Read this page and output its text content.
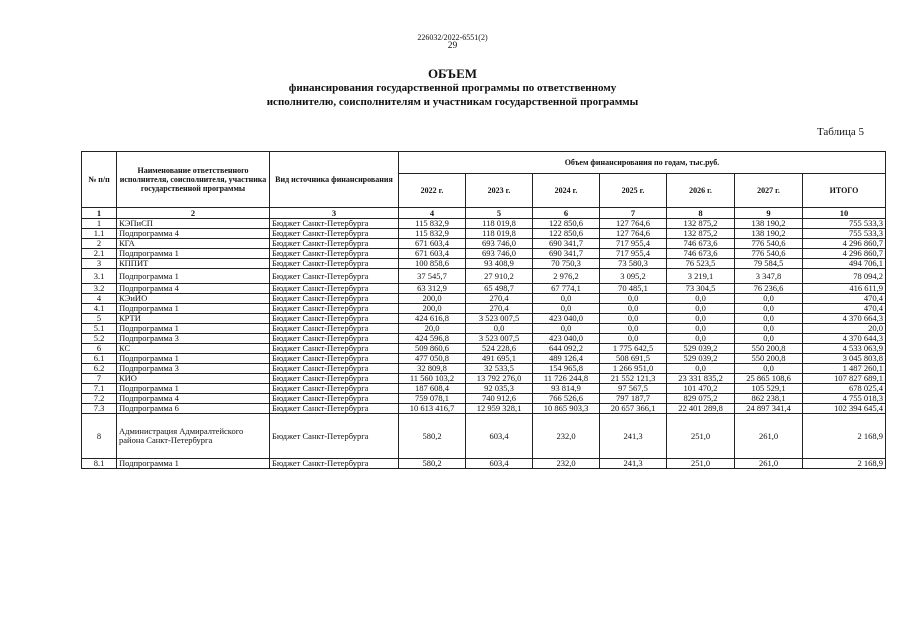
226032/2022-6551(2)
29
ОБЪЕМ
финансирования государственной программы по ответственному
исполнителю, соисполнителям и участникам государственной программы
Таблица 5
№ п/п	Наименование ответственного исполнителя, соисполнителя, участника государственной программы	Вид источника финансирования	Объем финансирования по годам, тыс.руб.						
			2022 г.	2023 г.	2024 г.	2025 г.	2026 г.	2027 г.	ИТОГО
1	2	3	4	5	6	7	8	9	10
1	КЭПиСП	Бюджет Санкт-Петербурга	115 832,9	118 019,8	122 850,6	127 764,6	132 875,2	138 190,2	755 533,3
1.1	Подпрограмма 4	Бюджет Санкт-Петербурга	115 832,9	118 019,8	122 850,6	127 764,6	132 875,2	138 190,2	755 533,3
2	КГА	Бюджет Санкт-Петербурга	671 603,4	693 746,0	690 341,7	717 955,4	746 673,6	776 540,6	4 296 860,7
2.1	Подпрограмма 1	Бюджет Санкт-Петербурга	671 603,4	693 746,0	690 341,7	717 955,4	746 673,6	776 540,6	4 296 860,7
3	КППИТ	Бюджет Санкт-Петербурга	100 858,6	93 408,9	70 750,3	73 580,3	76 523,5	79 584,5	494 706,1
3.1	Подпрограмма 1	Бюджет Санкт-Петербурга	37 545,7	27 910,2	2 976,2	3 095,2	3 219,1	3 347,8	78 094,2
3.2	Подпрограмма 4	Бюджет Санкт-Петербурга	63 312,9	65 498,7	67 774,1	70 485,1	73 304,5	76 236,6	416 611,9
4	КЭиИО	Бюджет Санкт-Петербурга	200,0	270,4	0,0	0,0	0,0	0,0	470,4
4.1	Подпрограмма 1	Бюджет Санкт-Петербурга	200,0	270,4	0,0	0,0	0,0	0,0	470,4
5	КРТИ	Бюджет Санкт-Петербурга	424 616,8	3 523 007,5	423 040,0	0,0	0,0	0,0	4 370 664,3
5.1	Подпрограмма 1	Бюджет Санкт-Петербурга	20,0	0,0	0,0	0,0	0,0	0,0	20,0
5.2	Подпрограмма 3	Бюджет Санкт-Петербурга	424 596,8	3 523 007,5	423 040,0	0,0	0,0	0,0	4 370 644,3
6	КС	Бюджет Санкт-Петербурга	509 860,6	524 228,6	644 092,2	1 775 642,5	529 039,2	550 200,8	4 533 063,9
6.1	Подпрограмма 1	Бюджет Санкт-Петербурга	477 050,8	491 695,1	489 126,4	508 691,5	529 039,2	550 200,8	3 045 803,8
6.2	Подпрограмма 3	Бюджет Санкт-Петербурга	32 809,8	32 533,5	154 965,8	1 266 951,0	0,0	0,0	1 487 260,1
7	КИО	Бюджет Санкт-Петербурга	11 560 103,2	13 792 276,0	11 726 244,8	21 552 121,3	23 331 835,2	25 865 108,6	107 827 689,1
7.1	Подпрограмма 1	Бюджет Санкт-Петербурга	187 608,4	92 035,3	93 814,9	97 567,5	101 470,2	105 529,1	678 025,4
7.2	Подпрограмма 4	Бюджет Санкт-Петербурга	759 078,1	740 912,6	766 526,6	797 187,7	829 075,2	862 238,1	4 755 018,3
7.3	Подпрограмма 6	Бюджет Санкт-Петербурга	10 613 416,7	12 959 328,1	10 865 903,3	20 657 366,1	22 401 289,8	24 897 341,4	102 394 645,4
8	Администрация Адмиралтейского района Санкт-Петербурга	Бюджет Санкт-Петербурга	580,2	603,4	232,0	241,3	251,0	261,0	2 168,9
8.1	Подпрограмма 1	Бюджет Санкт-Петербурга	580,2	603,4	232,0	241,3	251,0	261,0	2 168,9
